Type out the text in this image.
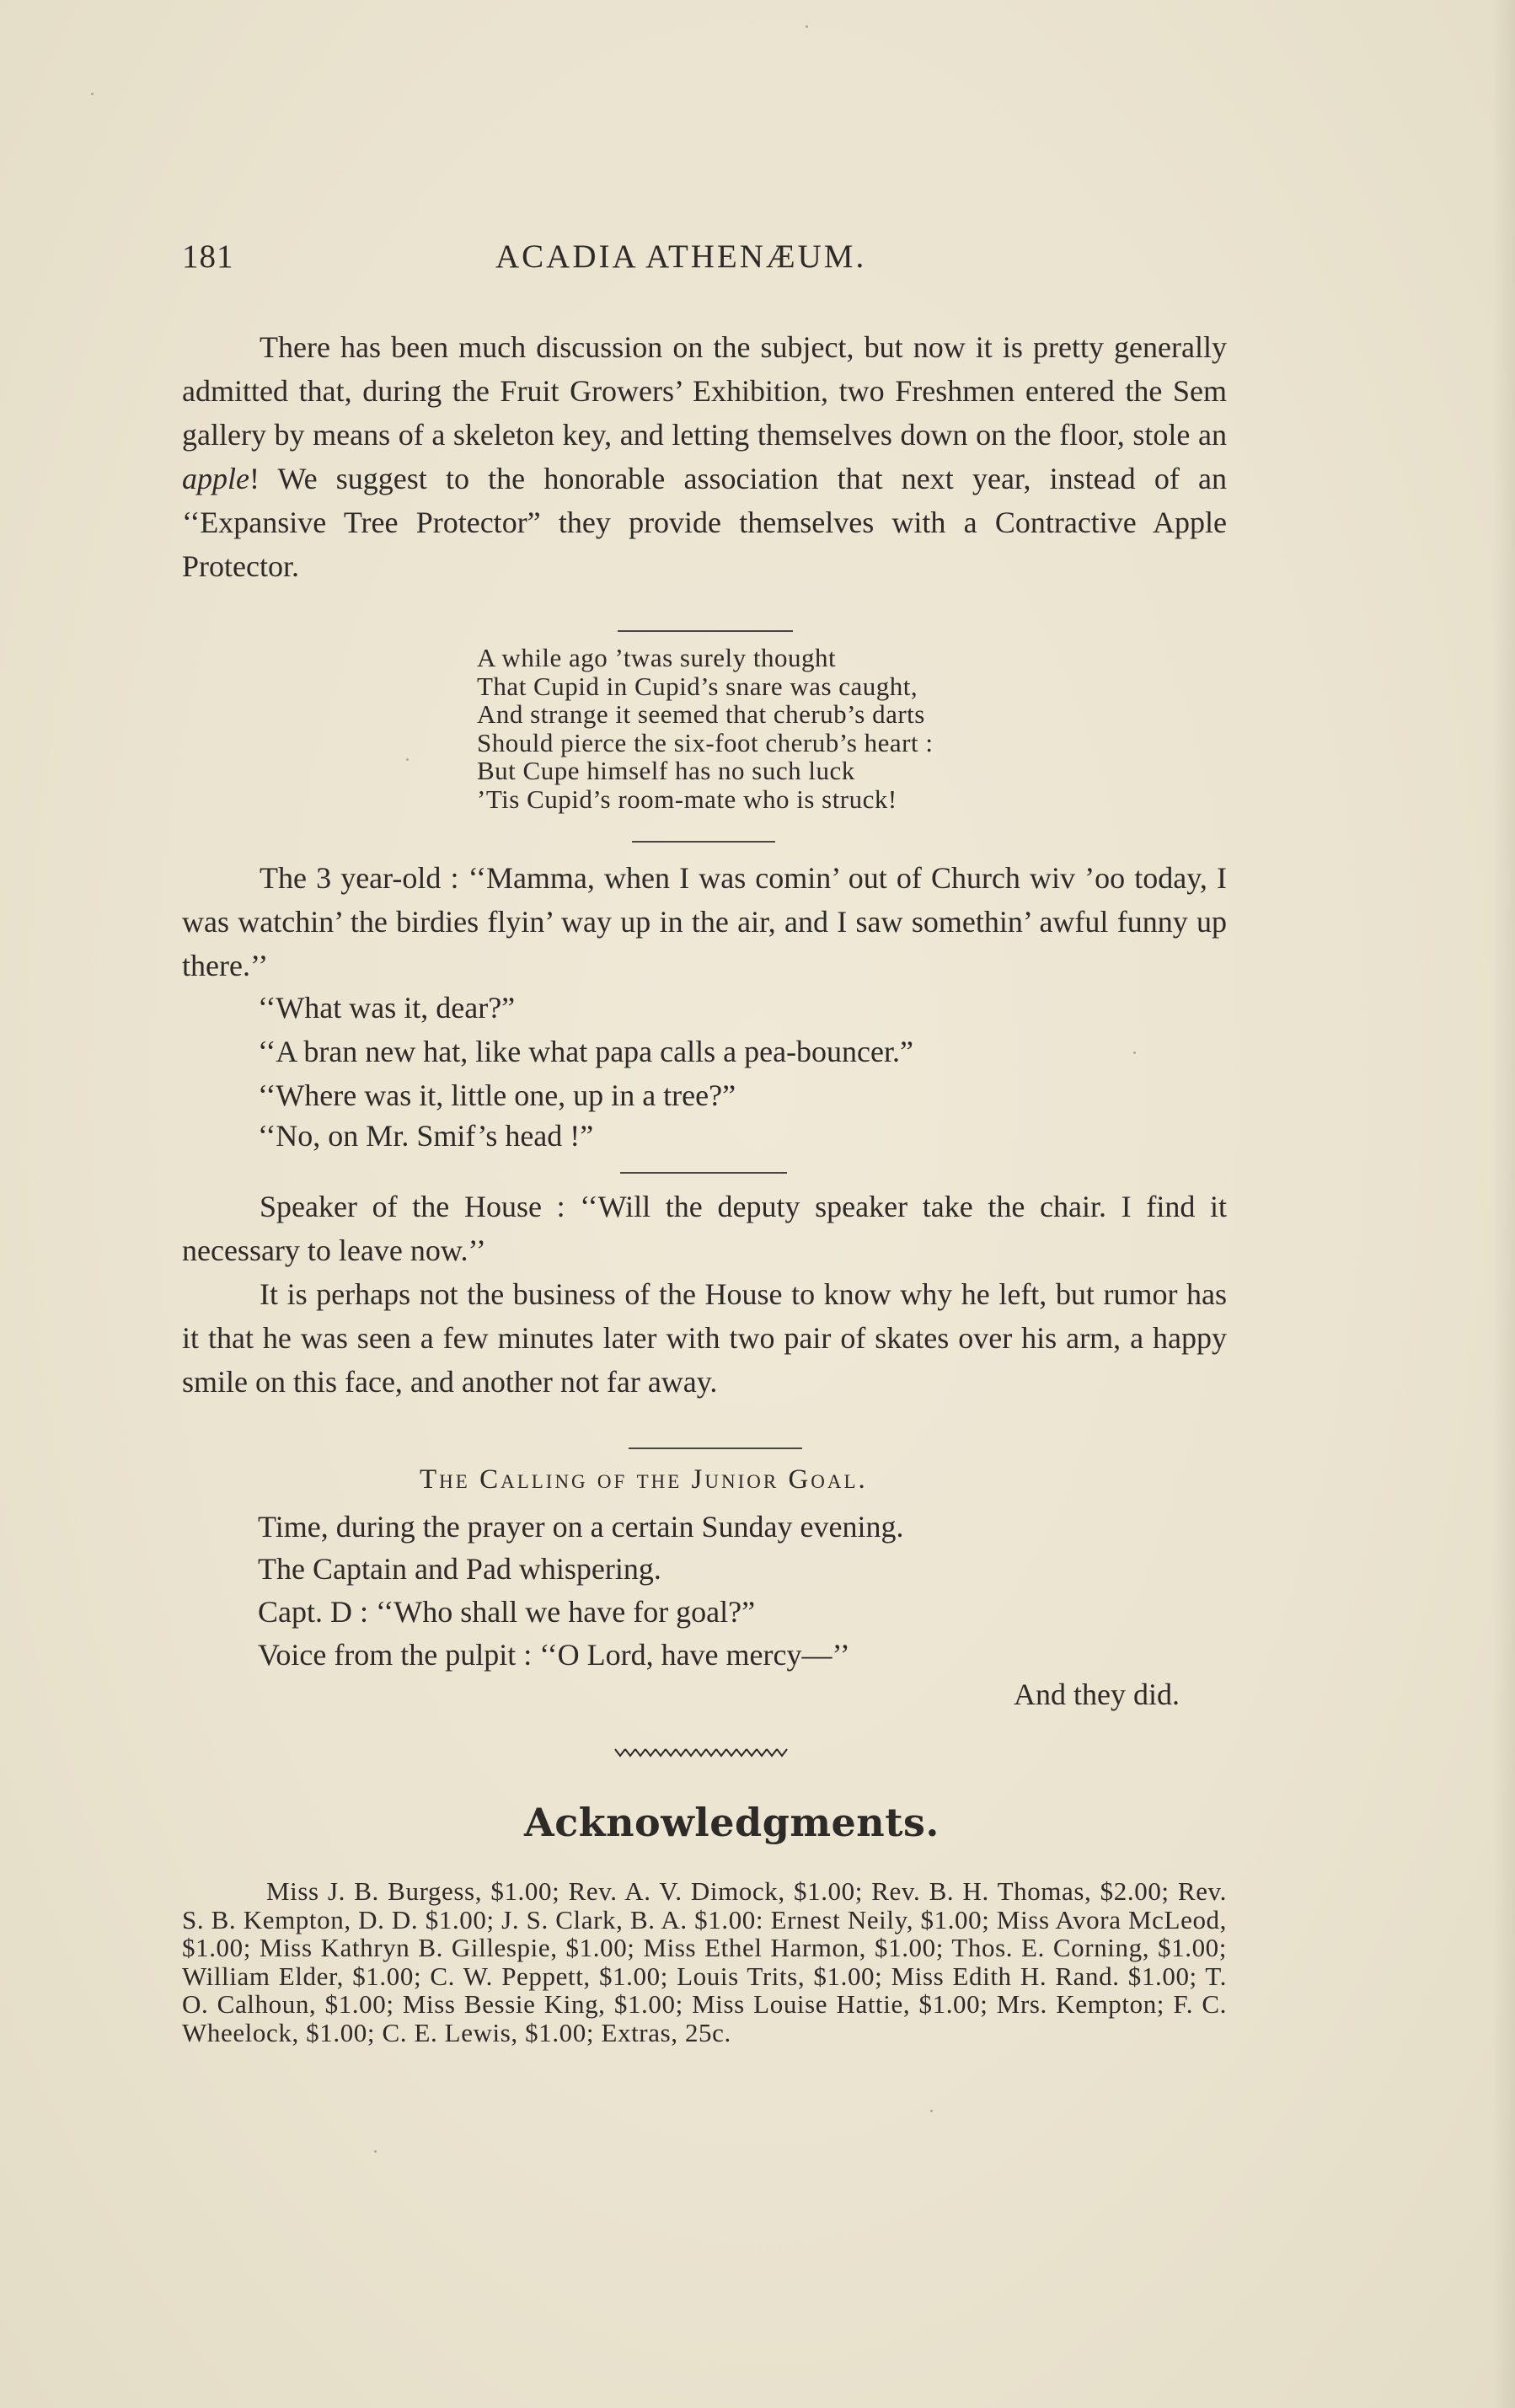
181	ACADIA ATHENÆUM.

There has been much discussion on the subject, but now it is pretty generally admitted that, during the Fruit Growers’ Exhibition, two Freshmen entered the Sem gallery by means of a skeleton key, and letting themselves down on the floor, stole an apple! We suggest to the honorable association that next year, instead of an ‘‘Expansive Tree Protector” they provide themselves with a Contractive Apple Protector.

A while ago ’twas surely thought
That Cupid in Cupid’s snare was caught,
And strange it seemed that cherub’s darts
Should pierce the six-foot cherub’s heart :
But Cupe himself has no such luck
’Tis Cupid’s room-mate who is struck!

The 3 year-old : ‘‘Mamma, when I was comin’ out of Church wiv ’oo today, I was watchin’ the birdies flyin’ way up in the air, and I saw somethin’ awful funny up there.’’

‘‘What was it, dear?”
‘‘A bran new hat, like what papa calls a pea-bouncer.”
‘‘Where was it, little one, up in a tree?”
‘‘No, on Mr. Smif’s head !”

Speaker of the House : ‘‘Will the deputy speaker take the chair. I find it necessary to leave now.’’

It is perhaps not the business of the House to know why he left, but rumor has it that he was seen a few minutes later with two pair of skates over his arm, a happy smile on this face, and another not far away.

The Calling of the Junior Goal.
Time, during the prayer on a certain Sunday evening.
The Captain and Pad whispering.
Capt. D : ‘‘Who shall we have for goal?”
Voice from the pulpit : ‘‘O Lord, have mercy—’’
And they did.
Acknowledgments.

Miss J. B. Burgess, $1.00; Rev. A. V. Dimock, $1.00; Rev. B. H. Thomas, $2.00; Rev. S. B. Kempton, D. D. $1.00; J. S. Clark, B. A. $1.00: Ernest Neily, $1.00; Miss Avora McLeod, $1.00; Miss Kathryn B. Gillespie, $1.00; Miss Ethel Harmon, $1.00; Thos. E. Corning, $1.00; William Elder, $1.00; C. W. Peppett, $1.00; Louis Trits, $1.00; Miss Edith H. Rand. $1.00; T. O. Calhoun, $1.00; Miss Bessie King, $1.00; Miss Louise Hattie, $1.00; Mrs. Kempton; F. C. Wheelock, $1.00; C. E. Lewis, $1.00; Extras, 25c.
